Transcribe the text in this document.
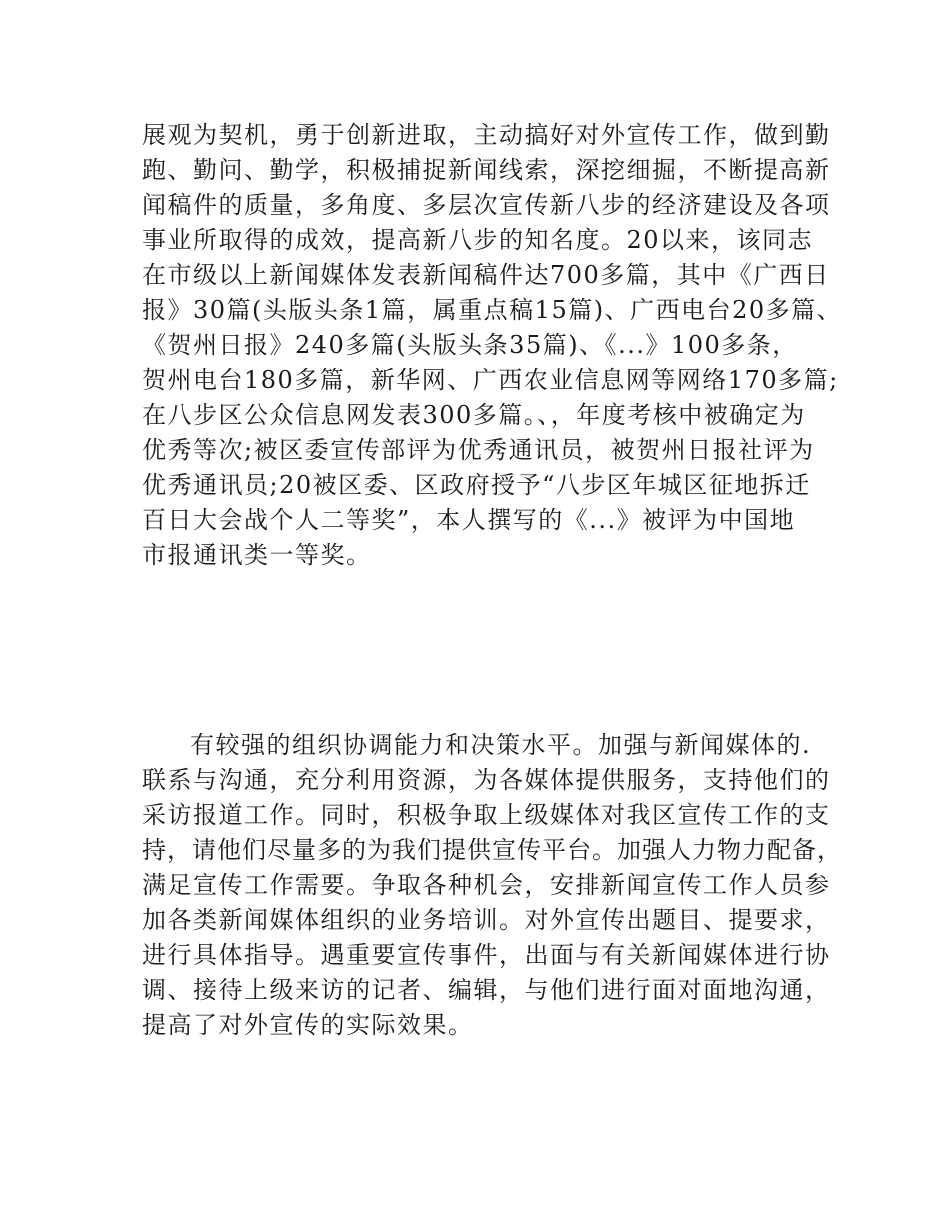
展观为契机，勇于创新进取，主动搞好对外宣传工作，做到勤
跑、勤问、勤学，积极捕捉新闻线索，深挖细掘，不断提高新
闻稿件的质量，多角度、多层次宣传新八步的经济建设及各项
事业所取得的成效，提高新八步的知名度。20以来，该同志
在市级以上新闻媒体发表新闻稿件达700多篇，其中《广西日
报》30篇(头版头条1篇，属重点稿15篇)、广西电台20多篇、
《贺州日报》240多篇(头版头条35篇)、《...》100多条，
贺州电台180多篇，新华网、广西农业信息网等网络170多篇;
在八步区公众信息网发表300多篇。、，年度考核中被确定为
优秀等次;被区委宣传部评为优秀通讯员，被贺州日报社评为
优秀通讯员;20被区委、区政府授予“八步区年城区征地拆迁
百日大会战个人二等奖”，本人撰写的《...》被评为中国地
市报通讯类一等奖。
有较强的组织协调能力和决策水平。加强与新闻媒体的.
联系与沟通，充分利用资源，为各媒体提供服务，支持他们的
采访报道工作。同时，积极争取上级媒体对我区宣传工作的支
持，请他们尽量多的为我们提供宣传平台。加强人力物力配备，
满足宣传工作需要。争取各种机会，安排新闻宣传工作人员参
加各类新闻媒体组织的业务培训。对外宣传出题目、提要求，
进行具体指导。遇重要宣传事件，出面与有关新闻媒体进行协
调、接待上级来访的记者、编辑，与他们进行面对面地沟通，
提高了对外宣传的实际效果。
